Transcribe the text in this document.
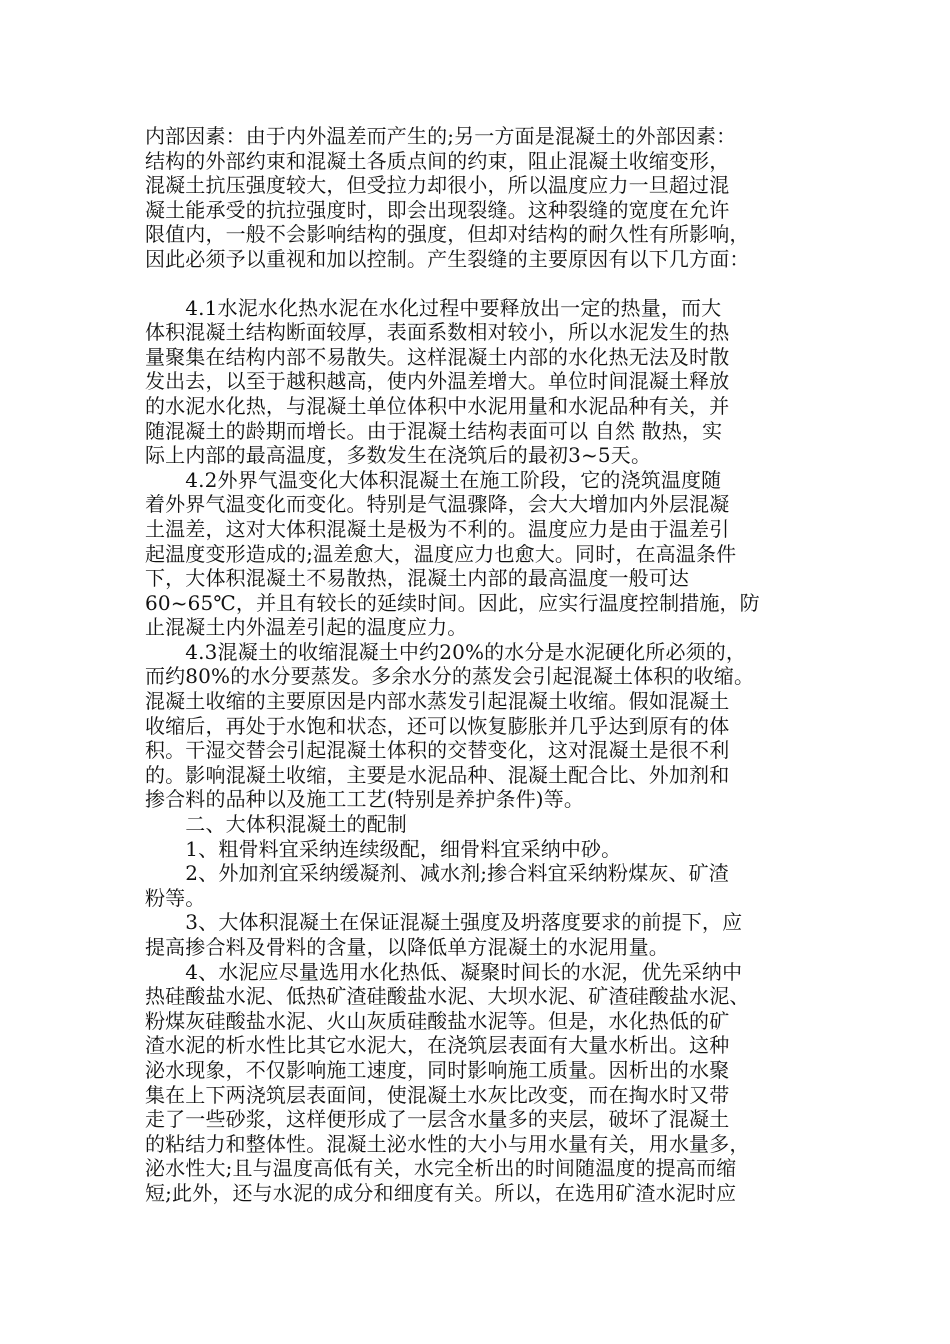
内部因素：由于内外温差而产生的;另一方面是混凝土的外部因素：
结构的外部约束和混凝土各质点间的约束，阻止混凝土收缩变形，
混凝土抗压强度较大，但受拉力却很小，所以温度应力一旦超过混
凝土能承受的抗拉强度时，即会出现裂缝。这种裂缝的宽度在允许
限值内，一般不会影响结构的强度，但却对结构的耐久性有所影响，
因此必须予以重视和加以控制。产生裂缝的主要原因有以下几方面：
　　4.1水泥水化热水泥在水化过程中要释放出一定的热量，而大
体积混凝土结构断面较厚，表面系数相对较小，所以水泥发生的热
量聚集在结构内部不易散失。这样混凝土内部的水化热无法及时散
发出去，以至于越积越高，使内外温差增大。单位时间混凝土释放
的水泥水化热，与混凝土单位体积中水泥用量和水泥品种有关，并
随混凝土的龄期而增长。由于混凝土结构表面可以 自然 散热，实
际上内部的最高温度，多数发生在浇筑后的最初3~5天。
　　4.2外界气温变化大体积混凝土在施工阶段，它的浇筑温度随
着外界气温变化而变化。特别是气温骤降，会大大增加内外层混凝
土温差，这对大体积混凝土是极为不利的。温度应力是由于温差引
起温度变形造成的;温差愈大，温度应力也愈大。同时，在高温条件
下，大体积混凝土不易散热，混凝土内部的最高温度一般可达
60~65℃，并且有较长的延续时间。因此，应实行温度控制措施，防
止混凝土内外温差引起的温度应力。
　　4.3混凝土的收缩混凝土中约20%的水分是水泥硬化所必须的，
而约80%的水分要蒸发。多余水分的蒸发会引起混凝土体积的收缩。
混凝土收缩的主要原因是内部水蒸发引起混凝土收缩。假如混凝土
收缩后，再处于水饱和状态，还可以恢复膨胀并几乎达到原有的体
积。干湿交替会引起混凝土体积的交替变化，这对混凝土是很不利
的。影响混凝土收缩，主要是水泥品种、混凝土配合比、外加剂和
掺合料的品种以及施工工艺(特别是养护条件)等。
　　二、大体积混凝土的配制
　　1、粗骨料宜采纳连续级配，细骨料宜采纳中砂。
　　2、外加剂宜采纳缓凝剂、减水剂;掺合料宜采纳粉煤灰、矿渣
粉等。
　　3、大体积混凝土在保证混凝土强度及坍落度要求的前提下，应
提高掺合料及骨料的含量，以降低单方混凝土的水泥用量。
　　4、水泥应尽量选用水化热低、凝聚时间长的水泥，优先采纳中
热硅酸盐水泥、低热矿渣硅酸盐水泥、大坝水泥、矿渣硅酸盐水泥、
粉煤灰硅酸盐水泥、火山灰质硅酸盐水泥等。但是，水化热低的矿
渣水泥的析水性比其它水泥大，在浇筑层表面有大量水析出。这种
泌水现象，不仅影响施工速度，同时影响施工质量。因析出的水聚
集在上下两浇筑层表面间，使混凝土水灰比改变，而在掏水时又带
走了一些砂浆，这样便形成了一层含水量多的夹层，破坏了混凝土
的粘结力和整体性。混凝土泌水性的大小与用水量有关，用水量多，
泌水性大;且与温度高低有关，水完全析出的时间随温度的提高而缩
短;此外，还与水泥的成分和细度有关。所以，在选用矿渣水泥时应
